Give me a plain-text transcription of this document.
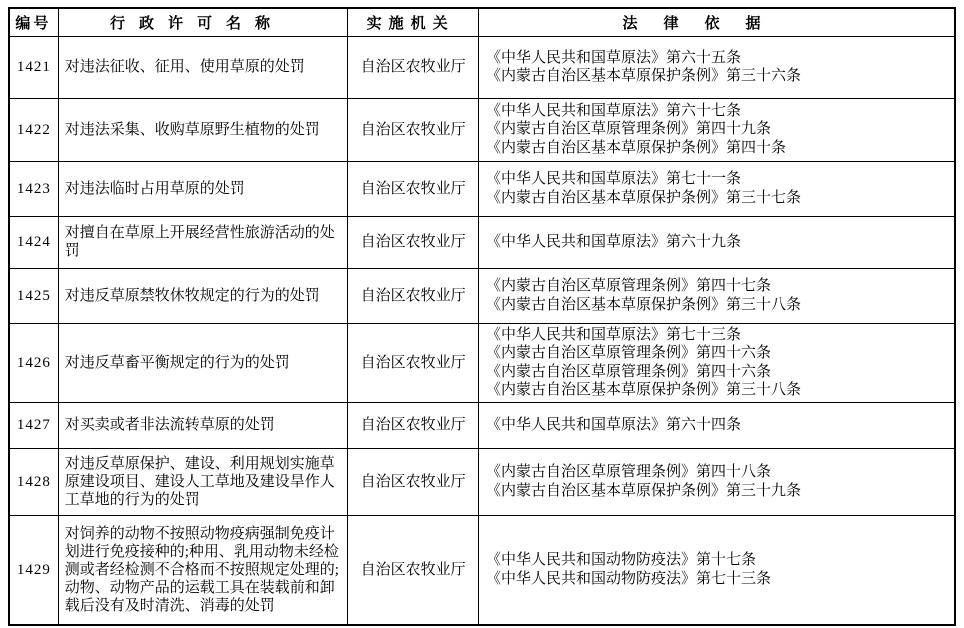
编号	行政许可名称	实施机关	法律依据
1421	对违法征收、征用、使用草原的处罚	自治区农牧业厅	《中华人民共和国草原法》第六十五条
《内蒙古自治区基本草原保护条例》第三十六条

1422	对违法采集、收购草原野生植物的处罚	自治区农牧业厅	《中华人民共和国草原法》第六十七条
《内蒙古自治区草原管理条例》第四十九条
《内蒙古自治区基本草原保护条例》第四十条

1423	对违法临时占用草原的处罚	自治区农牧业厅	《中华人民共和国草原法》第七十一条
《内蒙古自治区基本草原保护条例》第三十七条

1424	对擅自在草原上开展经营性旅游活动的处罚	自治区农牧业厅	《中华人民共和国草原法》第六十九条

1425	对违反草原禁牧休牧规定的行为的处罚	自治区农牧业厅	《内蒙古自治区草原管理条例》第四十七条
《内蒙古自治区基本草原保护条例》第三十八条

1426	对违反草畜平衡规定的行为的处罚	自治区农牧业厅	《中华人民共和国草原法》第七十三条
《内蒙古自治区草原管理条例》第四十六条
《内蒙古自治区草原管理条例》第四十六条
《内蒙古自治区基本草原保护条例》第三十八条

1427	对买卖或者非法流转草原的处罚	自治区农牧业厅	《中华人民共和国草原法》第六十四条

1428	对违反草原保护、建设、利用规划实施草原建设项目、建设人工草地及建设旱作人工草地的行为的处罚	自治区农牧业厅	《内蒙古自治区草原管理条例》第四十八条
《内蒙古自治区基本草原保护条例》第三十九条

1429	对饲养的动物不按照动物疫病强制免疫计划进行免疫接种的;种用、乳用动物未经检测或者经检测不合格而不按照规定处理的;动物、动物产品的运载工具在装载前和卸载后没有及时清洗、消毒的处罚	自治区农牧业厅	《中华人民共和国动物防疫法》第十七条
《中华人民共和国动物防疫法》第七十三条
